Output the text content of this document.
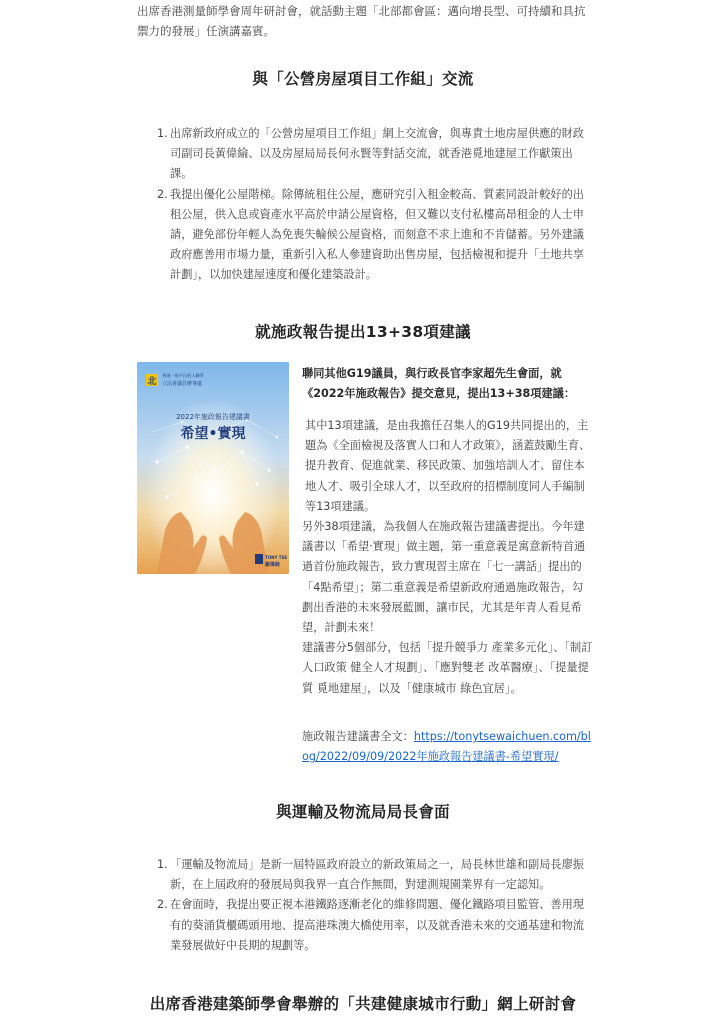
出席香港測量師學會周年研討會，就話動主題「北部都會區：邁向增長型、可持續和具抗禦力的發展」任演講嘉賓。
與「公營房屋項目工作組」交流
1. 出席新政府成立的「公營房屋項目工作組」網上交流會，與專責土地房屋供應的財政司副司長黃偉綸、以及房屋局局長何永賢等對話交流，就香港覓地建屋工作獻策出課。
2. 我提出優化公屋階梯。除傳統租住公屋，應研究引入租金較高、質素同設計較好的出租公屋，供入息或資產水平高於申請公屋資格，但又難以支付私樓高昂租金的人士申請，避免部份年輕人為免喪失輪候公屋資格，而刻意不求上進和不肯儲蓄。另外建議政府應善用市場力量，重新引入私人參建資助出售房屋，包括檢視和提升「土地共享計劃」，以加快建屋速度和優化建築設計。
就施政報告提出13+38項建議
北
香港一般平民的人聯系
立法會議員辦事處
2022年施政報告建議書
希望•實現
TONY TSE
謝偉銓
聯同其他G19議員，與行政長官李家超先生會面，就《2022年施政報告》提交意見，提出13+38項建議：
其中13項建議，是由我擔任召集人的G19共同提出的，主題為《全面檢視及落實人口和人才政策》，涵蓋鼓勵生育、提升教育、促進就業、移民政策、加強培訓人才、留住本地人才、吸引全球人才，以至政府的招標制度同人手編制等13項建議。
另外38項建議，為我個人在施政報告建議書提出。今年建議書以「希望·實現」做主題，第一重意義是寓意新特首通過首份施政報告，致力實現習主席在「七一講話」提出的「4點希望」；第二重意義是希望新政府通過施政報告，勾劃出香港的未來發展藍圖，讓市民，尤其是年青人看見希望，計劃未來！
建議書分5個部分，包括「提升競爭力 產業多元化」、「制訂人口政策 健全人才規劃」、「應對雙老 改革醫療」、「提量提質 覓地建屋」，以及「健康城市 綠色宜居」。
施政報告建議書全文：https://tonytsewaichuen.com/blog/2022/09/09/2022年施政報告建議書-希望實現/
與運輸及物流局局長會面
1. 「運輸及物流局」是新一屆特區政府設立的新政策局之一，局長林世雄和副局長廖振新，在上屆政府的發展局與我界一直合作無間，對建測規園業界有一定認知。
2. 在會面時，我提出要正視本港鐵路逐漸老化的維修問題、優化鐵路項目監管、善用現有的葵涌貨櫃碼頭用地、提高港珠澳大橋使用率，以及就香港未來的交通基建和物流業發展做好中長期的規劃等。
出席香港建築師學會舉辦的「共建健康城市行動」網上研討會
